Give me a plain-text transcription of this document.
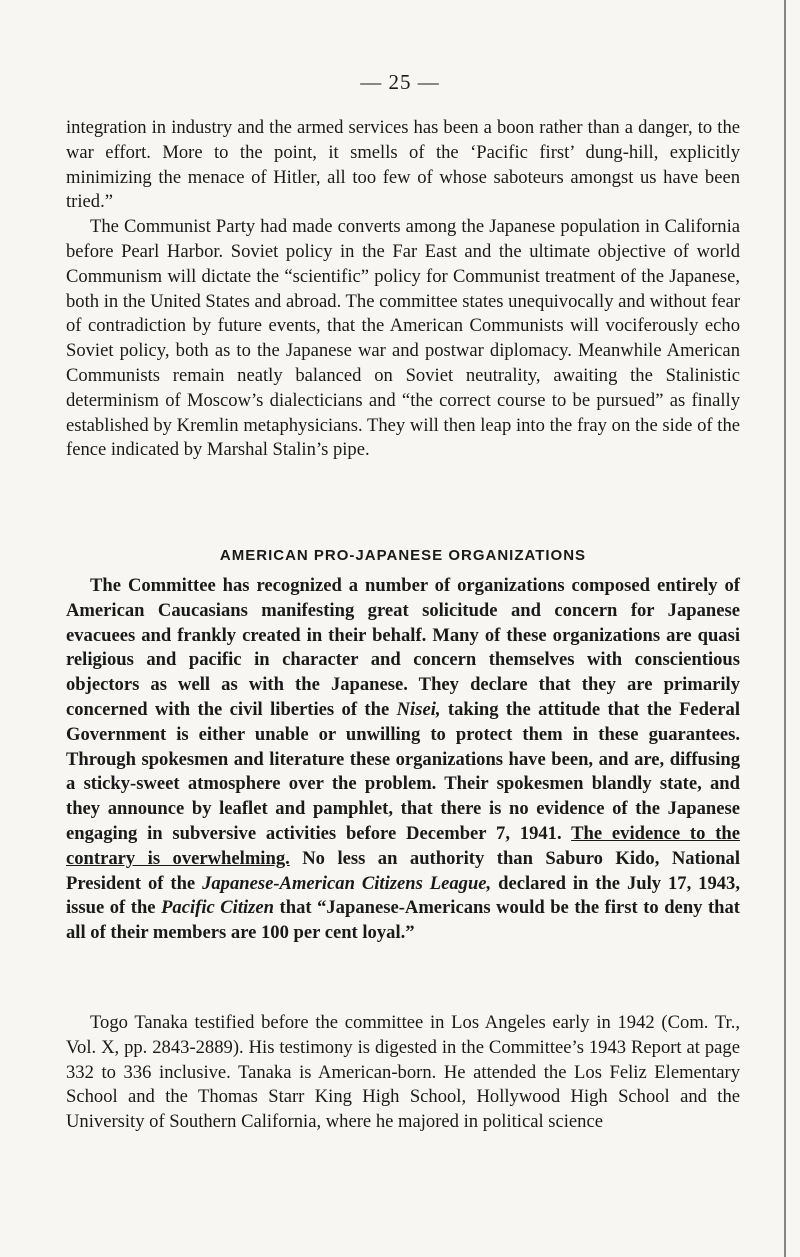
— 25 —

integration in industry and the armed services has been a boon rather than a danger, to the war effort. More to the point, it smells of the ‘Pacific first’ dung-hill, explicitly minimizing the menace of Hitler, all too few of whose saboteurs amongst us have been tried.”

The Communist Party had made converts among the Japanese population in California before Pearl Harbor. Soviet policy in the Far East and the ultimate objective of world Communism will dictate the “scientific” policy for Communist treatment of the Japanese, both in the United States and abroad. The committee states unequivocally and without fear of contradiction by future events, that the American Communists will vociferously echo Soviet policy, both as to the Japanese war and postwar diplomacy. Meanwhile American Communists remain neatly balanced on Soviet neutrality, awaiting the Stalinistic determinism of Moscow’s dialecticians and “the correct course to be pursued” as finally established by Kremlin metaphysicians. They will then leap into the fray on the side of the fence indicated by Marshal Stalin’s pipe.

AMERICAN PRO-JAPANESE ORGANIZATIONS

The Committee has recognized a number of organizations composed entirely of American Caucasians manifesting great solicitude and concern for Japanese evacuees and frankly created in their behalf. Many of these organizations are quasi religious and pacific in character and concern themselves with conscientious objectors as well as with the Japanese. They declare that they are primarily concerned with the civil liberties of the Nisei, taking the attitude that the Federal Government is either unable or unwilling to protect them in these guarantees. Through spokesmen and literature these organizations have been, and are, diffusing a sticky-sweet atmosphere over the problem. Their spokesmen blandly state, and they announce by leaflet and pamphlet, that there is no evidence of the Japanese engaging in subversive activities before December 7, 1941. The evidence to the contrary is overwhelming. No less an authority than Saburo Kido, National President of the Japanese-American Citizens League, declared in the July 17, 1943, issue of the Pacific Citizen that “Japanese-Americans would be the first to deny that all of their members are 100 per cent loyal.”

Togo Tanaka testified before the committee in Los Angeles early in 1942 (Com. Tr., Vol. X, pp. 2843-2889). His testimony is digested in the Committee’s 1943 Report at page 332 to 336 inclusive. Tanaka is American-born. He attended the Los Feliz Elementary School and the Thomas Starr King High School, Hollywood High School and the University of Southern California, where he majored in political science
